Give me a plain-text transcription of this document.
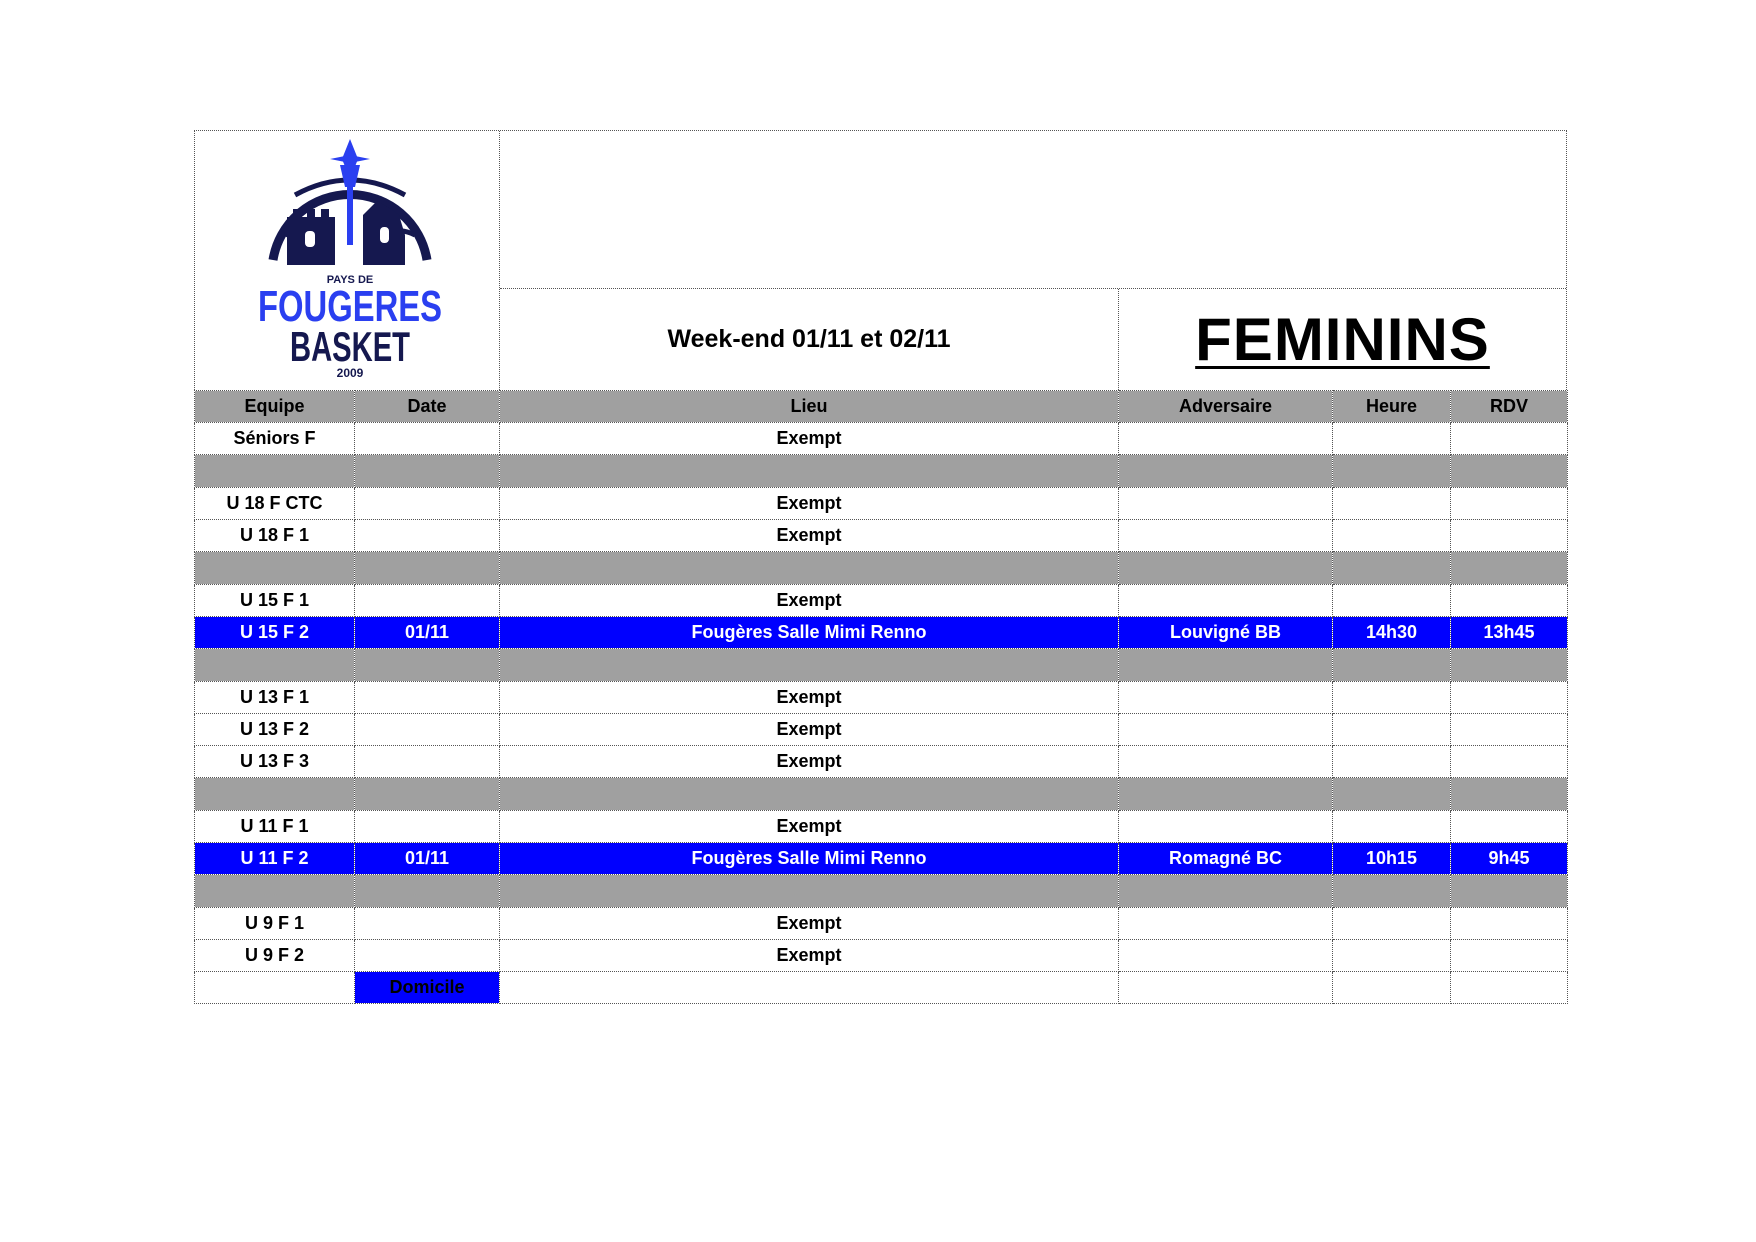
PAYS DE
FOUGERES
BASKET
2009
Week-end 01/11 et 02/11	FEMININS
Equipe	Date	Lieu	Adversaire	Heure	RDV
Séniors F		Exempt			

U 18 F CTC		Exempt			
U 18 F 1		Exempt			

U 15 F 1		Exempt			
U 15 F 2	01/11	Fougères Salle Mimi Renno	Louvigné BB	14h30	13h45

U 13 F 1		Exempt			
U 13 F 2		Exempt			
U 13 F 3		Exempt			

U 11 F 1		Exempt			
U 11 F 2	01/11	Fougères Salle Mimi Renno	Romagné BC	10h15	9h45

U 9 F 1		Exempt			
U 9 F 2		Exempt			
	Domicile				
